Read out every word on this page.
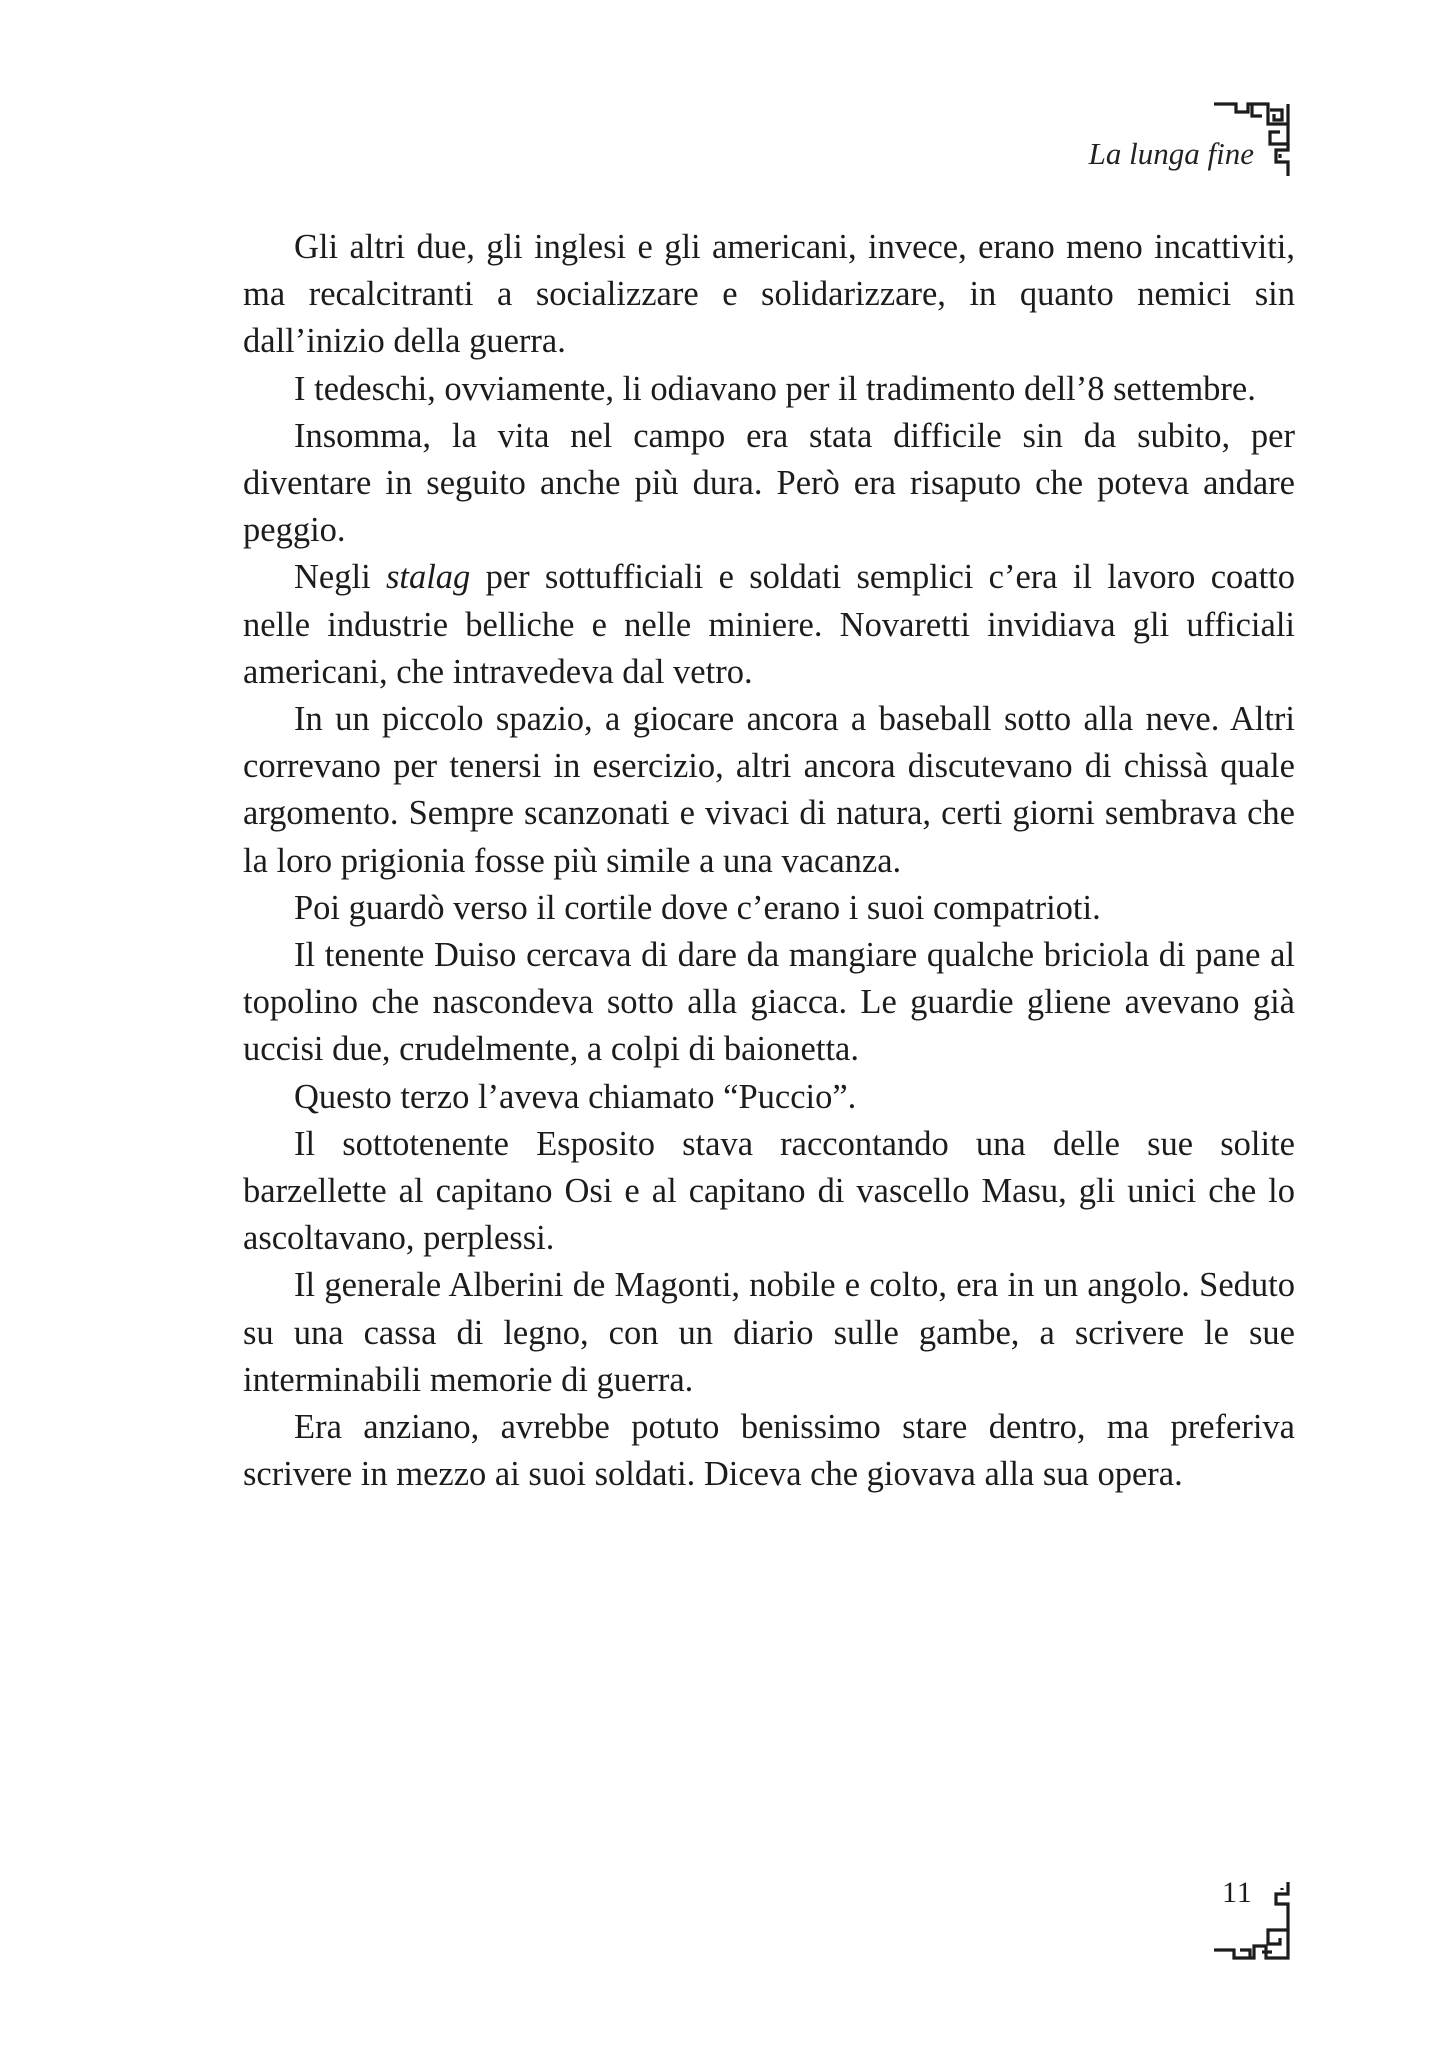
La lunga fine

Gli altri due, gli inglesi e gli americani, invece, erano meno incattiviti, ma recalcitranti a socializzare e solidarizzare, in quanto nemici sin dall’inizio della guerra.

I tedeschi, ovviamente, li odiavano per il tradimento dell’8 settembre.

Insomma, la vita nel campo era stata difficile sin da subito, per diventare in seguito anche più dura. Però era risaputo che poteva andare peggio.

Negli stalag per sottufficiali e soldati semplici c’era il lavoro coatto nelle industrie belliche e nelle miniere. Novaretti invidiava gli ufficiali americani, che intravedeva dal vetro.

In un piccolo spazio, a giocare ancora a baseball sotto alla neve. Altri correvano per tenersi in esercizio, altri ancora discutevano di chissà quale argomento. Sempre scanzonati e vivaci di natura, certi giorni sembrava che la loro prigionia fosse più simile a una vacanza.

Poi guardò verso il cortile dove c’erano i suoi compatrioti.

Il tenente Duiso cercava di dare da mangiare qualche briciola di pane al topolino che nascondeva sotto alla giacca. Le guardie gliene avevano già uccisi due, crudelmente, a colpi di baionetta.

Questo terzo l’aveva chiamato “Puccio”.

Il sottotenente Esposito stava raccontando una delle sue solite barzellette al capitano Osi e al capitano di vascello Masu, gli unici che lo ascoltavano, perplessi.

Il generale Alberini de Magonti, nobile e colto, era in un angolo. Seduto su una cassa di legno, con un diario sulle gambe, a scrivere le sue interminabili memorie di guerra.

Era anziano, avrebbe potuto benissimo stare dentro, ma preferiva scrivere in mezzo ai suoi soldati. Diceva che giovava alla sua opera.

11
